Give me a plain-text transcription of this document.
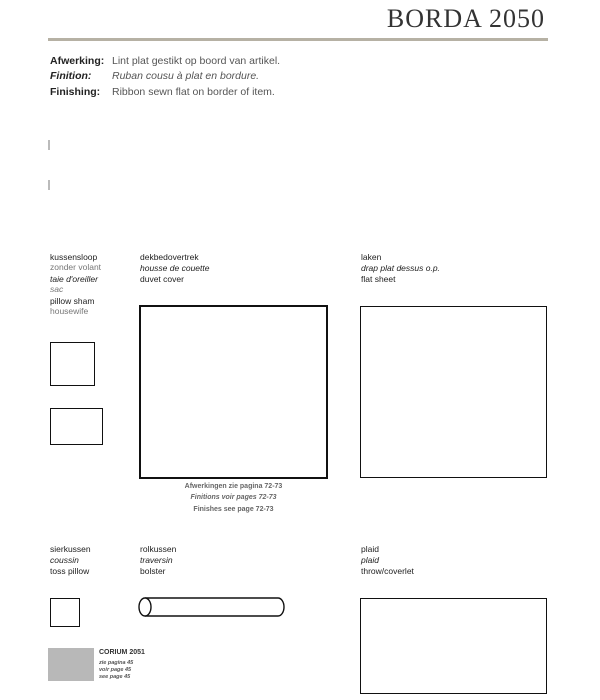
BORDA 2050
Afwerking: Lint plat gestikt op boord van artikel.
Finition: Ruban cousu à plat en bordure.
Finishing: Ribbon sewn flat on border of item.
kussensloop
zonder volant
taie d'oreiller
sac
pillow sham
housewife
dekbedovertrek
housse de couette
duvet cover
Afwerkingen zie pagina 72-73
Finitions voir pages 72-73
Finishes see page 72-73
laken
drap plat dessus o.p.
flat sheet
sierkussen
coussin
toss pillow
rolkussen
traversin
bolster
plaid
plaid
throw/coverlet
CORIUM 2051
zie pagina 45
voir page 45
see page 45
